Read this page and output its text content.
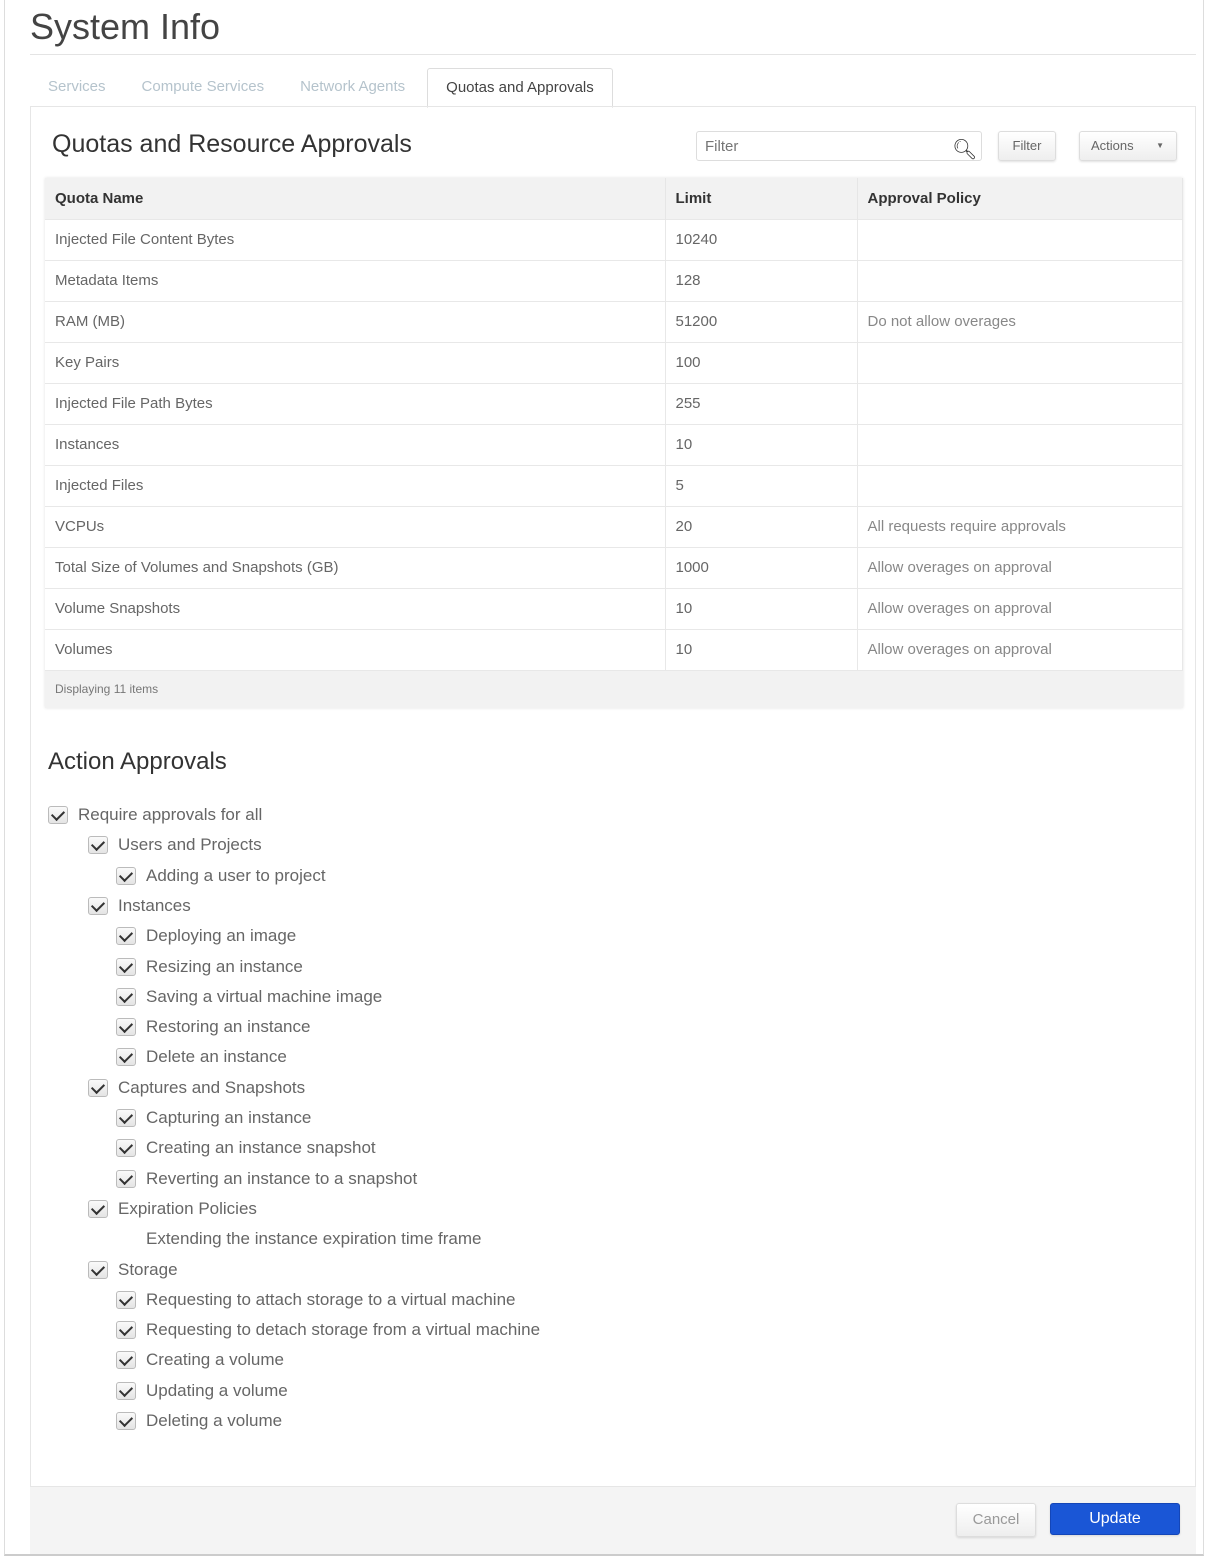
System Info
Services	Compute Services	Network Agents	Quotas and Approvals
Quotas and Resource Approvals
Filter	🔍︎	Filter	Actions	▼
Quota Name	Limit	Approval Policy
Injected File Content Bytes	10240	
Metadata Items	128	
RAM (MB)	51200	Do not allow overages
Key Pairs	100	
Injected File Path Bytes	255	
Instances	10	
Injected Files	5	
VCPUs	20	All requests require approvals
Total Size of Volumes and Snapshots (GB)	1000	Allow overages on approval
Volume Snapshots	10	Allow overages on approval
Volumes	10	Allow overages on approval
Displaying 11 items		
Action Approvals
Require approvals for all
Users and Projects
Adding a user to project
Instances
Deploying an image
Resizing an instance
Saving a virtual machine image
Restoring an instance
Delete an instance
Captures and Snapshots
Capturing an instance
Creating an instance snapshot
Reverting an instance to a snapshot
Expiration Policies
Extending the instance expiration time frame
Storage
Requesting to attach storage to a virtual machine
Requesting to detach storage from a virtual machine
Creating a volume
Updating a volume
Deleting a volume
Cancel	Update
